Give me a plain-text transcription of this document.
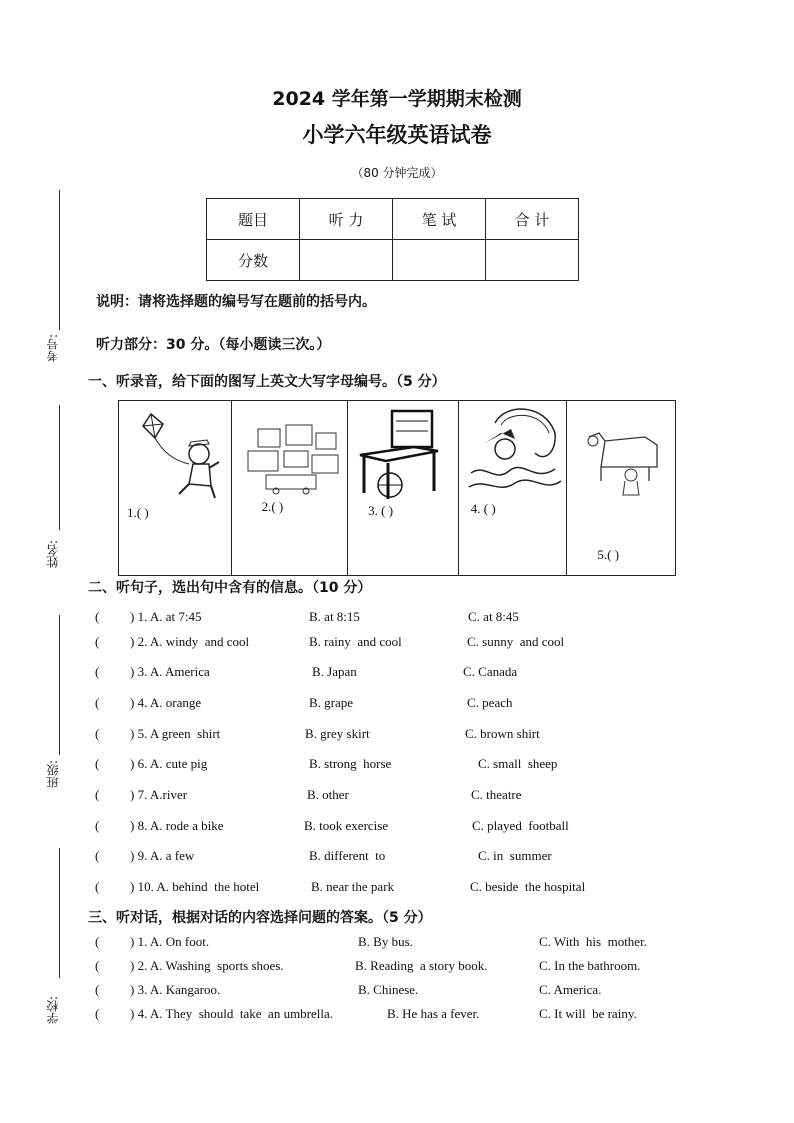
2024 学年第一学期期末检测
小学六年级英语试卷
（80 分钟完成）
题目	听 力	笔 试	合 计
分数			
考号:
姓名:
班级:
学校:
说明：请将选择题的编号写在题前的括号内。
听力部分：30 分。（每小题读三次。）
一、听录音，给下面的图写上英文大写字母编号。（5 分）
1.( )	2.( )	3. ( )	4. ( )
5.( )
二、听句子，选出句中含有的信息。（10 分）
( ) 1. A. at 7:45	B. at 8:15	C. at 8:45
( ) 2. A. windy  and cool	B. rainy  and cool	C. sunny  and cool
( ) 3. A. America	B. Japan	C. Canada
( ) 4. A. orange	B. grape	C. peach
( ) 5. A green  shirt	B. grey skirt	C. brown shirt
( ) 6. A. cute pig	B. strong  horse	C. small  sheep
( ) 7. A.river	B. other	C. theatre
( ) 8. A. rode a bike	B. took exercise	C. played  football
( ) 9. A. a few	B. different  to	C. in  summer
( ) 10. A. behind  the hotel	B. near the park	C. beside  the hospital
三、听对话，根据对话的内容选择问题的答案。（5 分）
( ) 1. A. On foot.	B. By bus.	C. With  his  mother.
( ) 2. A. Washing  sports shoes.	B. Reading  a story book.	C. In the bathroom.
( ) 3. A. Kangaroo.	B. Chinese.	C. America.
( ) 4. A. They  should  take  an umbrella.	B. He has a fever.	C. It will  be rainy.
